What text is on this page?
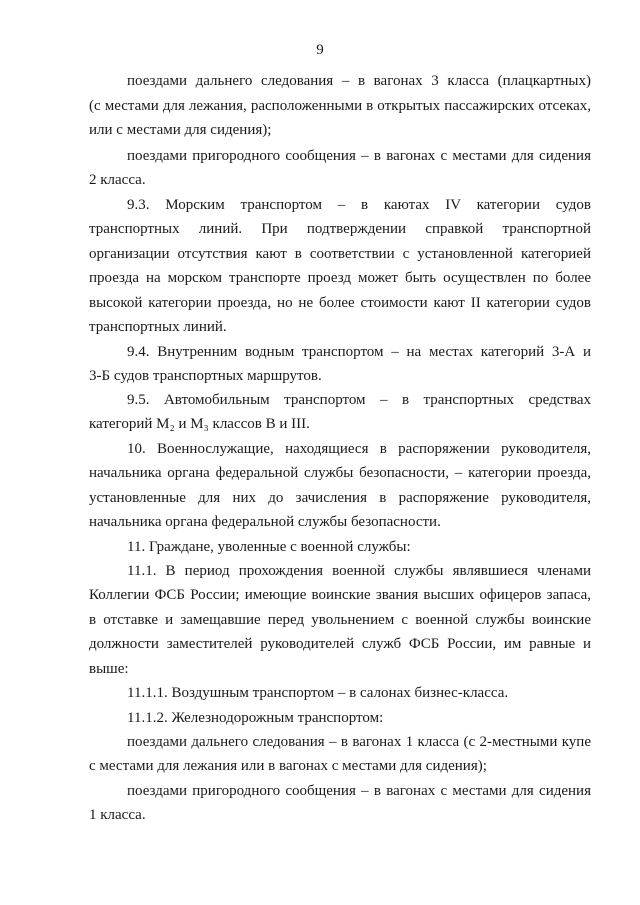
9
поездами дальнего следования – в вагонах 3 класса (плацкартных)
(с местами для лежания, расположенными в открытых пассажирских отсеках,
или с местами для сидения);
поездами пригородного сообщения – в вагонах с местами для сидения
2 класса.
9.3. Морским транспортом – в каютах IV категории судов
транспортных линий. При подтверждении справкой транспортной
организации отсутствия кают в соответствии с установленной категорией
проезда на морском транспорте проезд может быть осуществлен по более
высокой категории проезда, но не более стоимости кают II категории судов
транспортных линий.
9.4. Внутренним водным транспортом – на местах категорий 3-А и
3-Б судов транспортных маршрутов.
9.5. Автомобильным транспортом – в транспортных средствах
категорий M₂ и M₃ классов В и III.
10. Военнослужащие, находящиеся в распоряжении руководителя,
начальника органа федеральной службы безопасности, – категории проезда,
установленные для них до зачисления в распоряжение руководителя,
начальника органа федеральной службы безопасности.
11. Граждане, уволенные с военной службы:
11.1. В период прохождения военной службы являвшиеся членами
Коллегии ФСБ России; имеющие воинские звания высших офицеров запаса,
в отставке и замещавшие перед увольнением с военной службы воинские
должности заместителей руководителей служб ФСБ России, им равные и
выше:
11.1.1. Воздушным транспортом – в салонах бизнес-класса.
11.1.2. Железнодорожным транспортом:
поездами дальнего следования – в вагонах 1 класса (с 2-местными купе
с местами для лежания или в вагонах с местами для сидения);
поездами пригородного сообщения – в вагонах с местами для сидения
1 класса.
